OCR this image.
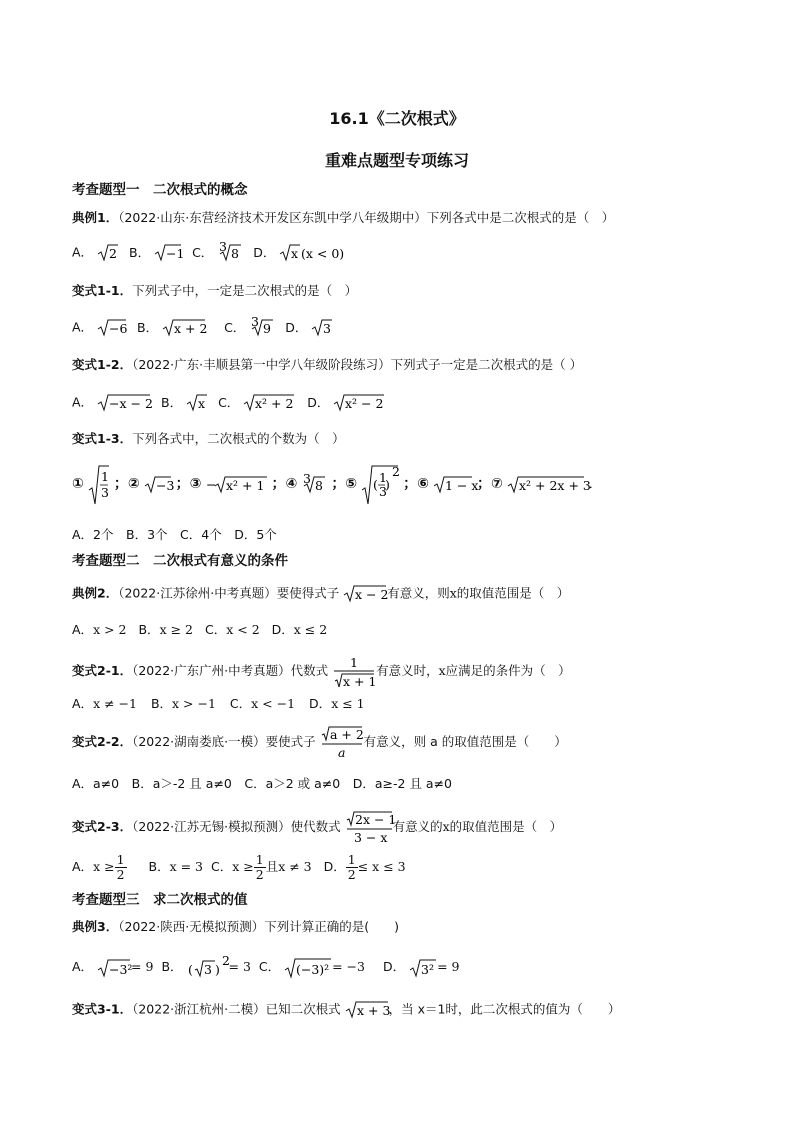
16.1《二次根式》
重难点题型专项练习
考查题型一　二次根式的概念
典例1．（2022·山东·东营经济技术开发区东凯中学八年级期中）下列各式中是二次根式的是（　）
A． 2 B． −1 C． 3 8 D． x (x < 0)
变式1-1．下列式子中，一定是二次根式的是（　）
A． −6 B． x + 2 C． 3 9 D． 3
变式1-2．（2022·广东·丰顺县第一中学八年级阶段练习）下列式子一定是二次根式的是（ ）
A． −x − 2 B． x C． x² + 2 D． x² − 2
变式1-3．下列各式中，二次根式的个数为（　）
① 1
3 ；② −3 ；③ − x² + 1 ；④ 3 8 ；⑤ ( 1
3
)
2
；⑥ 1 − x
；⑦ x² + 2x + 3
．
A．2个　B．3个　C．4个　D．5个
考查题型二　二次根式有意义的条件
典例2．（2022·江苏徐州·中考真题）要使得式子 x − 2
有意义，则x的取值范围是（　）
A．x > 2 B．x ≥ 2 C．x < 2 D．x ≤ 2
变式2-1．（2022·广东广州·中考真题）代数式
1
x + 1
有意义时，x应满足的条件为（　）
A．x ≠ −1 B．x > −1 C．x < −1 D．x ≤ 1
变式2-2．（2022·湖南娄底·一模）要使式子 a + 2
a
有意义，则 a 的取值范围是（　　）
A．a≠0　B．a＞-2 且 a≠0　C．a＞2 或 a≠0　D．a≥-2 且 a≠0
变式2-3．（2022·江苏无锡·模拟预测）使代数式 2x − 1
3 − x
有意义的x的取值范围是（　）
A．$x \ge \frac{1}{2}$ B．x = 3 C．$x \ge \frac{1}{2}$ 且x ≠ 3 D． $\frac{1}{2} \le x \le 3$
考查题型三　求二次根式的值
典例3．（2022·陕西·无模拟预测）下列计算正确的是(　　)
A． −3²
= 9 B． ( 3 )
2 = 3 C． (−3)² = −3 D． 3² = 9
变式3-1．（2022·浙江杭州·二模）已知二次根式 x + 3
，当 x＝1时，此二次根式的值为（　　）
